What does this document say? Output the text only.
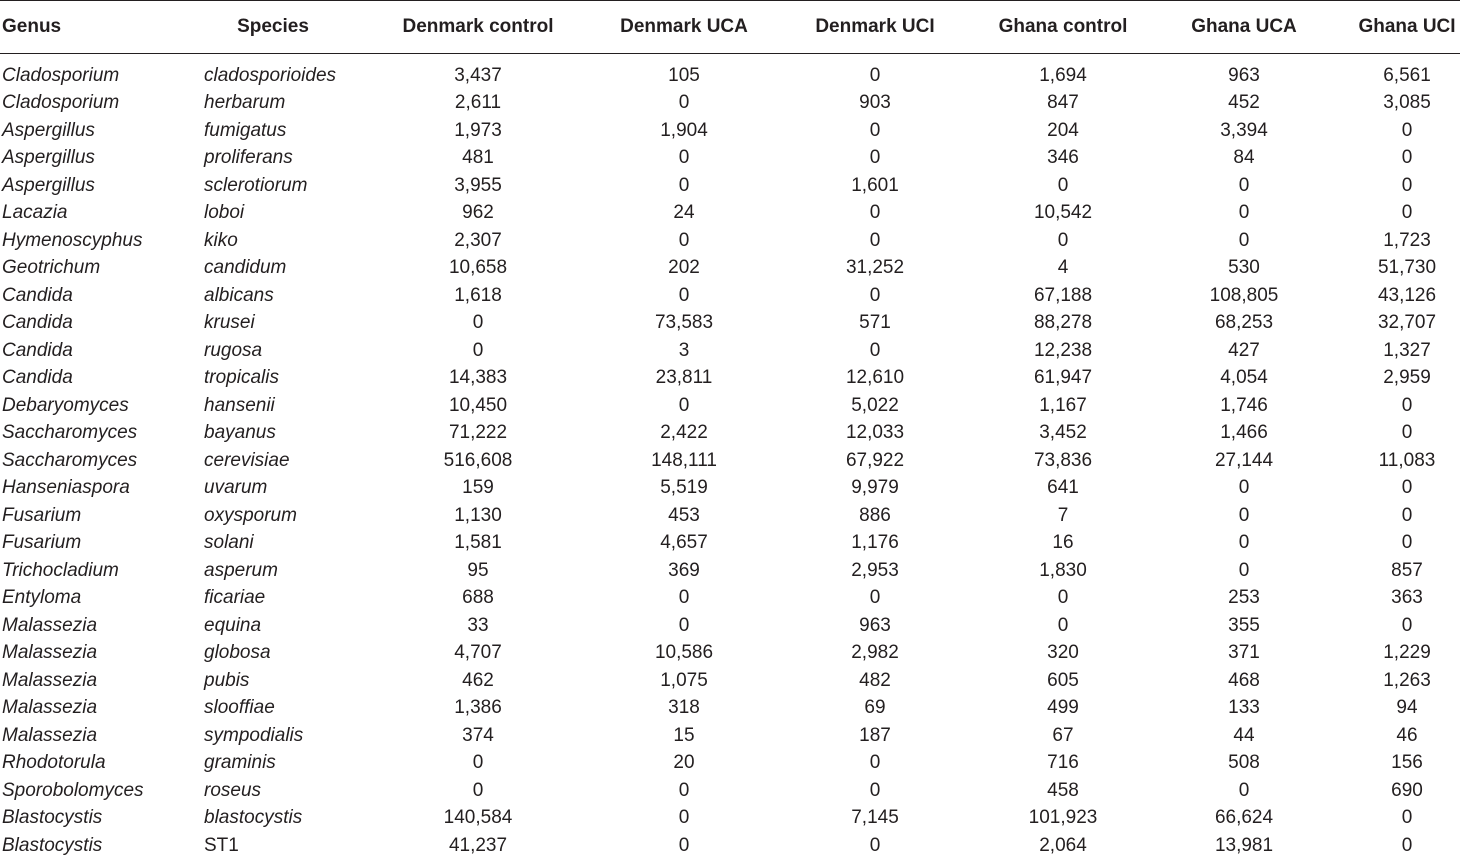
Genus	Species	Denmark control	Denmark UCA	Denmark UCI	Ghana control	Ghana UCA	Ghana UCI
Cladosporium	cladosporioides	3,437	105	0	1,694	963	6,561
Cladosporium	herbarum	2,611	0	903	847	452	3,085
Aspergillus	fumigatus	1,973	1,904	0	204	3,394	0
Aspergillus	proliferans	481	0	0	346	84	0
Aspergillus	sclerotiorum	3,955	0	1,601	0	0	0
Lacazia	loboi	962	24	0	10,542	0	0
Hymenoscyphus	kiko	2,307	0	0	0	0	1,723
Geotrichum	candidum	10,658	202	31,252	4	530	51,730
Candida	albicans	1,618	0	0	67,188	108,805	43,126
Candida	krusei	0	73,583	571	88,278	68,253	32,707
Candida	rugosa	0	3	0	12,238	427	1,327
Candida	tropicalis	14,383	23,811	12,610	61,947	4,054	2,959
Debaryomyces	hansenii	10,450	0	5,022	1,167	1,746	0
Saccharomyces	bayanus	71,222	2,422	12,033	3,452	1,466	0
Saccharomyces	cerevisiae	516,608	148,111	67,922	73,836	27,144	11,083
Hanseniaspora	uvarum	159	5,519	9,979	641	0	0
Fusarium	oxysporum	1,130	453	886	7	0	0
Fusarium	solani	1,581	4,657	1,176	16	0	0
Trichocladium	asperum	95	369	2,953	1,830	0	857
Entyloma	ficariae	688	0	0	0	253	363
Malassezia	equina	33	0	963	0	355	0
Malassezia	globosa	4,707	10,586	2,982	320	371	1,229
Malassezia	pubis	462	1,075	482	605	468	1,263
Malassezia	slooffiae	1,386	318	69	499	133	94
Malassezia	sympodialis	374	15	187	67	44	46
Rhodotorula	graminis	0	20	0	716	508	156
Sporobolomyces	roseus	0	0	0	458	0	690
Blastocystis	blastocystis	140,584	0	7,145	101,923	66,624	0
Blastocystis	ST1	41,237	0	0	2,064	13,981	0
